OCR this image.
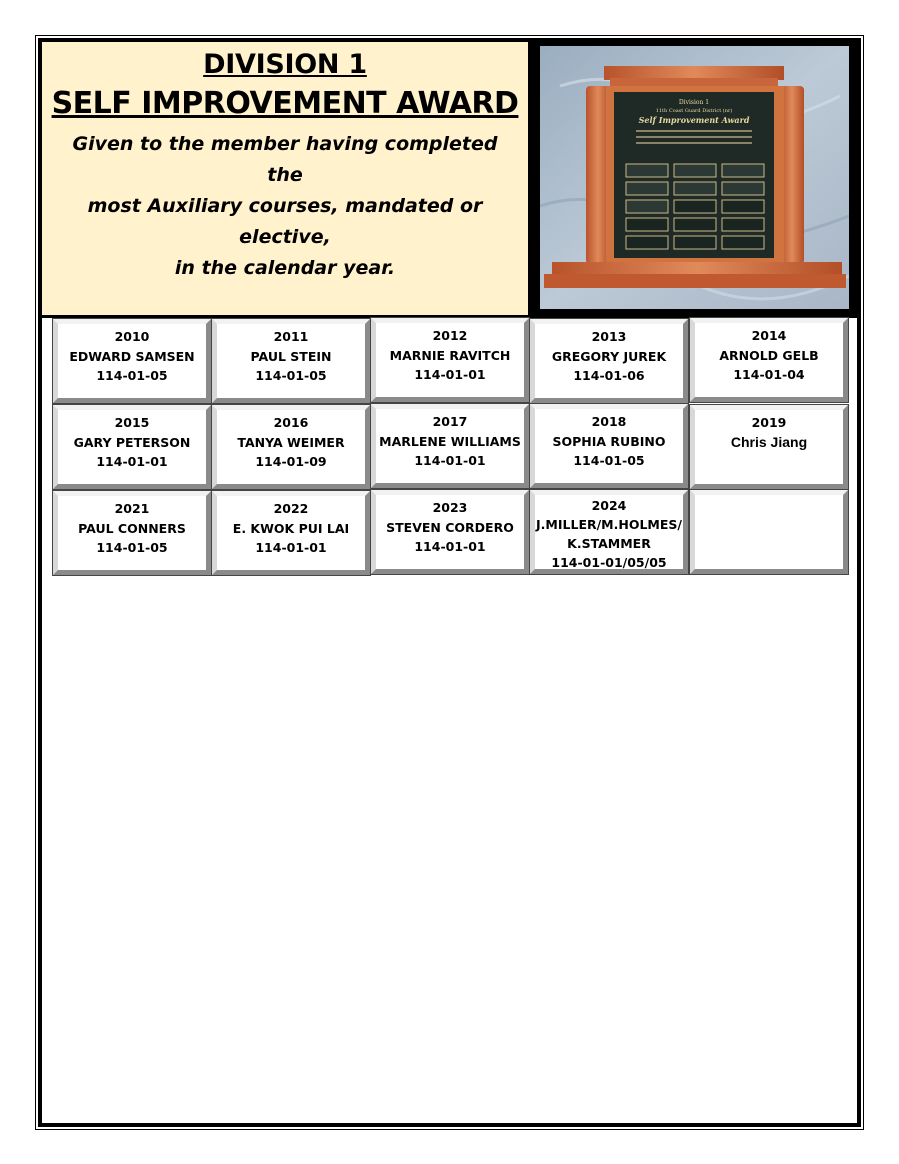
DIVISION 1
SELF IMPROVEMENT AWARD
Given to the member having completed the
most Auxiliary courses, mandated or elective,
in the calendar year.
Division 1
11th Coast Guard District (nr)
Self Improvement Award
2010
EDWARD SAMSEN
114-01-05
2011
PAUL STEIN
114-01-05
2012
MARNIE RAVITCH
114-01-01
2013
GREGORY JUREK
114-01-06
2014
ARNOLD GELB
114-01-04
2015
GARY PETERSON
114-01-01
2016
TANYA WEIMER
114-01-09
2017
MARLENE WILLIAMS
114-01-01
2018
SOPHIA RUBINO
114-01-05
2019
Chris Jiang
2021
PAUL CONNERS
114-01-05
2022
E. KWOK PUI LAI
114-01-01
2023
STEVEN CORDERO
114-01-01
2024
J.MILLER/M.HOLMES/
K.STAMMER
114-01-01/05/05
